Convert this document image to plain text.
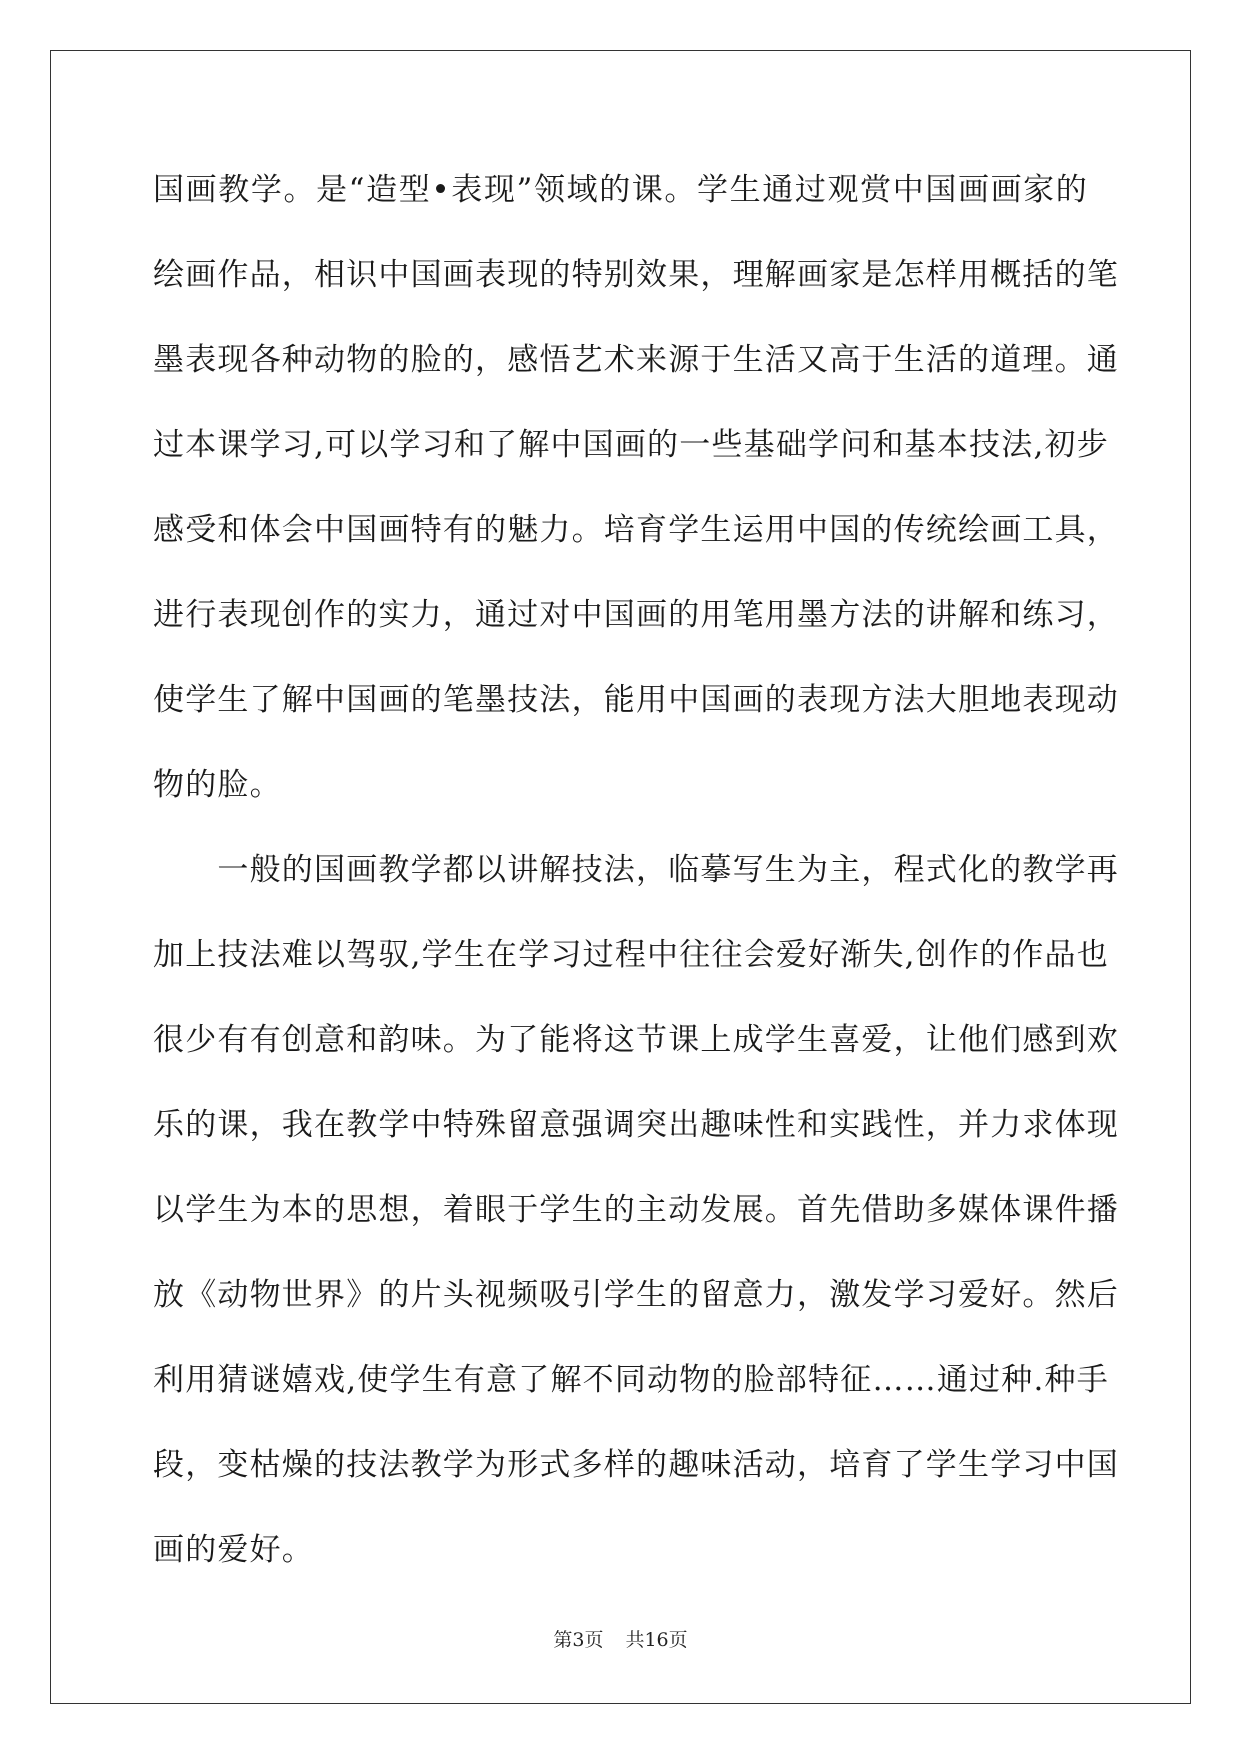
国画教学。是“造型•表现”领域的课。学生通过观赏中国画画家的
绘画作品，相识中国画表现的特别效果，理解画家是怎样用概括的笔
墨表现各种动物的脸的，感悟艺术来源于生活又高于生活的道理。通
过本课学习,可以学习和了解中国画的一些基础学问和基本技法,初步
感受和体会中国画特有的魅力。培育学生运用中国的传统绘画工具，
进行表现创作的实力，通过对中国画的用笔用墨方法的讲解和练习，
使学生了解中国画的笔墨技法，能用中国画的表现方法大胆地表现动
物的脸。
　　一般的国画教学都以讲解技法，临摹写生为主，程式化的教学再
加上技法难以驾驭,学生在学习过程中往往会爱好渐失,创作的作品也
很少有有创意和韵味。为了能将这节课上成学生喜爱，让他们感到欢
乐的课，我在教学中特殊留意强调突出趣味性和实践性，并力求体现
以学生为本的思想，着眼于学生的主动发展。首先借助多媒体课件播
放《动物世界》的片头视频吸引学生的留意力，激发学习爱好。然后
利用猜谜嬉戏,使学生有意了解不同动物的脸部特征……通过种.种手
段，变枯燥的技法教学为形式多样的趣味活动，培育了学生学习中国
画的爱好。
第3页 共16页
